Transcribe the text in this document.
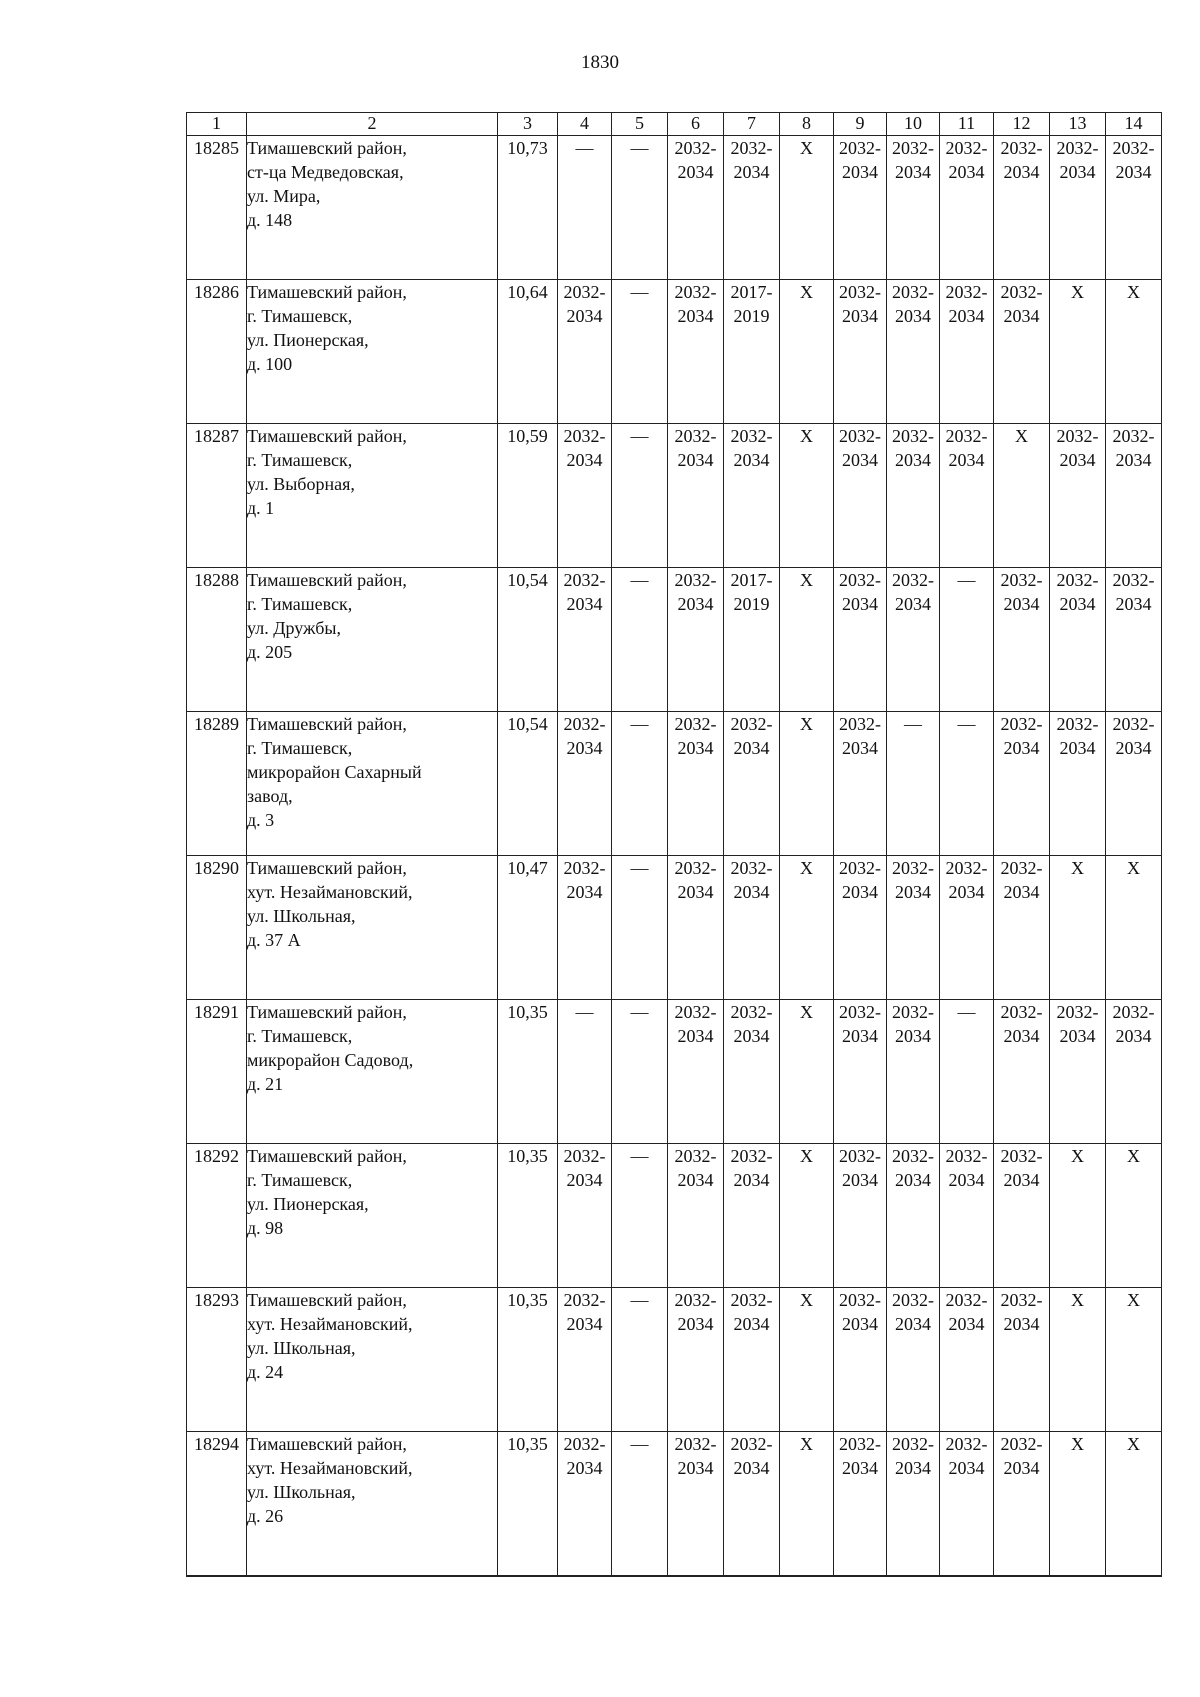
1830
1	2	3	4	5	6	7	8	9	10	11	12	13	14
18285	Тимашевский район,
ст-ца Медведовская,
ул. Мира,
д. 148	10,73	—	—	2032-
2034	2032-
2034	X	2032-
2034	2032-
2034	2032-
2034	2032-
2034	2032-
2034	2032-
2034

18286	Тимашевский район,
г. Тимашевск,
ул. Пионерская,
д. 100	10,64	2032-
2034	—	2032-
2034	2017-
2019	X	2032-
2034	2032-
2034	2032-
2034	2032-
2034	X	X

18287	Тимашевский район,
г. Тимашевск,
ул. Выборная,
д. 1	10,59	2032-
2034	—	2032-
2034	2032-
2034	X	2032-
2034	2032-
2034	2032-
2034	X	2032-
2034	2032-
2034

18288	Тимашевский район,
г. Тимашевск,
ул. Дружбы,
д. 205	10,54	2032-
2034	—	2032-
2034	2017-
2019	X	2032-
2034	2032-
2034	—	2032-
2034	2032-
2034	2032-
2034

18289	Тимашевский район,
г. Тимашевск,
микрорайон Сахарный
завод,
д. 3	10,54	2032-
2034	—	2032-
2034	2032-
2034	X	2032-
2034	—	—	2032-
2034	2032-
2034	2032-
2034

18290	Тимашевский район,
хут. Незаймановский,
ул. Школьная,
д. 37 А	10,47	2032-
2034	—	2032-
2034	2032-
2034	X	2032-
2034	2032-
2034	2032-
2034	2032-
2034	X	X

18291	Тимашевский район,
г. Тимашевск,
микрорайон Садовод,
д. 21	10,35	—	—	2032-
2034	2032-
2034	X	2032-
2034	2032-
2034	—	2032-
2034	2032-
2034	2032-
2034

18292	Тимашевский район,
г. Тимашевск,
ул. Пионерская,
д. 98	10,35	2032-
2034	—	2032-
2034	2032-
2034	X	2032-
2034	2032-
2034	2032-
2034	2032-
2034	X	X

18293	Тимашевский район,
хут. Незаймановский,
ул. Школьная,
д. 24	10,35	2032-
2034	—	2032-
2034	2032-
2034	X	2032-
2034	2032-
2034	2032-
2034	2032-
2034	X	X

18294	Тимашевский район,
хут. Незаймановский,
ул. Школьная,
д. 26	10,35	2032-
2034	—	2032-
2034	2032-
2034	X	2032-
2034	2032-
2034	2032-
2034	2032-
2034	X	X
